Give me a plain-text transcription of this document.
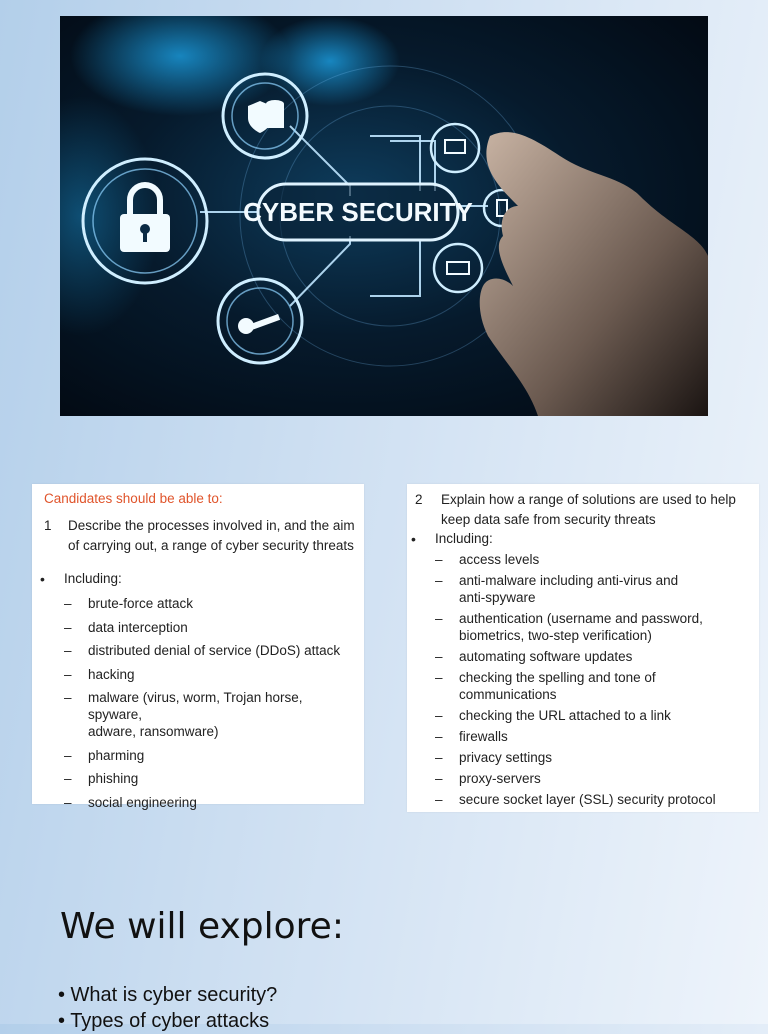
CYBER SECURITY
Candidates should be able to:
1	Describe the processes involved in, and the aim
of carrying out, a range of cyber security threats
• Including:
– brute-force attack
– data interception
– distributed denial of service (DDoS) attack
– hacking
– malware (virus, worm, Trojan horse, spyware,
adware, ransomware)
– pharming
– phishing
– social engineering
2	Explain how a range of solutions are used to help
keep data safe from security threats
• Including:
– access levels
– anti-malware including anti-virus and
anti-spyware
– authentication (username and password,
biometrics, two-step verification)
– automating software updates
– checking the spelling and tone of
communications
– checking the URL attached to a link
– firewalls
– privacy settings
– proxy-servers
– secure socket layer (SSL) security protocol
We will explore:
• What is cyber security?
• Types of cyber attacks
